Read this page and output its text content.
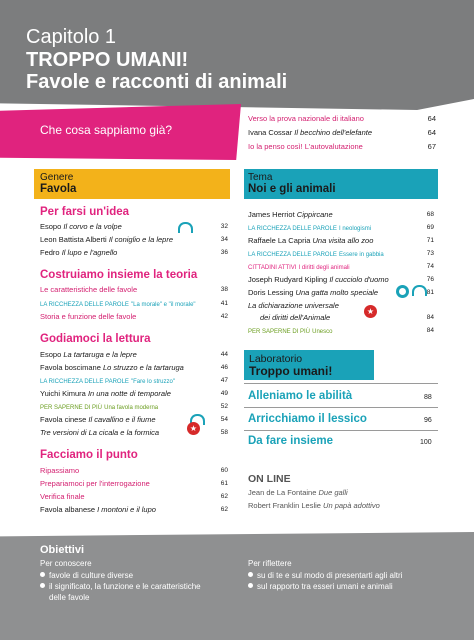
Capitolo 1
TROPPO UMANI!
Favole e racconti di animali
Che cosa sappiamo già?
Verso la prova nazionale di italiano	64
Ivana Cossar Il becchino dell'elefante	64
Io la penso così! L'autovalutazione	67
Genere
Favola
Tema
Noi e gli animali
Per farsi un'idea
Esopo Il corvo e la volpe	32
Leon Battista Alberti Il coniglio e la lepre	34
Fedro Il lupo e l'agnello	36
Costruiamo insieme la teoria
Le caratteristiche delle favole	38
LA RICCHEZZA DELLE PAROLE "La morale" e "il morale"	41
Storia e funzione delle favole	42
Godiamoci la lettura
Esopo La tartaruga e la lepre	44
Favola boscimane Lo struzzo e la tartaruga	46
LA RICCHEZZA DELLE PAROLE "Fare lo struzzo"	47
Yuichi Kimura In una notte di temporale	49
PER SAPERNE DI PIÙ Una favola moderna	52
Favola cinese Il cavallino e il fiume	54
Tre versioni di La cicala e la formica	58
★
Facciamo il punto
Ripassiamo	60
Prepariamoci per l'interrogazione	61
Verifica finale	62
Favola albanese I montoni e il lupo	62
James Herriot Cippircane	68
LA RICCHEZZA DELLE PAROLE I neologismi	69
Raffaele La Capria Una visita allo zoo	71
LA RICCHEZZA DELLE PAROLE Essere in gabbia	73
CITTADINI ATTIVI I diritti degli animali	74
Joseph Rudyard Kipling Il cucciolo d'uomo	76
Doris Lessing Una gatta molto speciale	81
La dichiarazione universale
dei diritti dell'Animale	84
★
PER SAPERNE DI PIÙ Unesco	84
Laboratorio
Troppo umani!
Alleniamo le abilità	88
Arricchiamo il lessico	96
Da fare insieme	100
ON LINE
Jean de La Fontaine Due galli
Robert Franklin Leslie Un papà adottivo
Obiettivi
Per conoscere
favole di culture diverse
il significato, la funzione e le caratteristiche
delle favole
Per riflettere
su di te e sul modo di presentarti agli altri
sul rapporto tra esseri umani e animali
